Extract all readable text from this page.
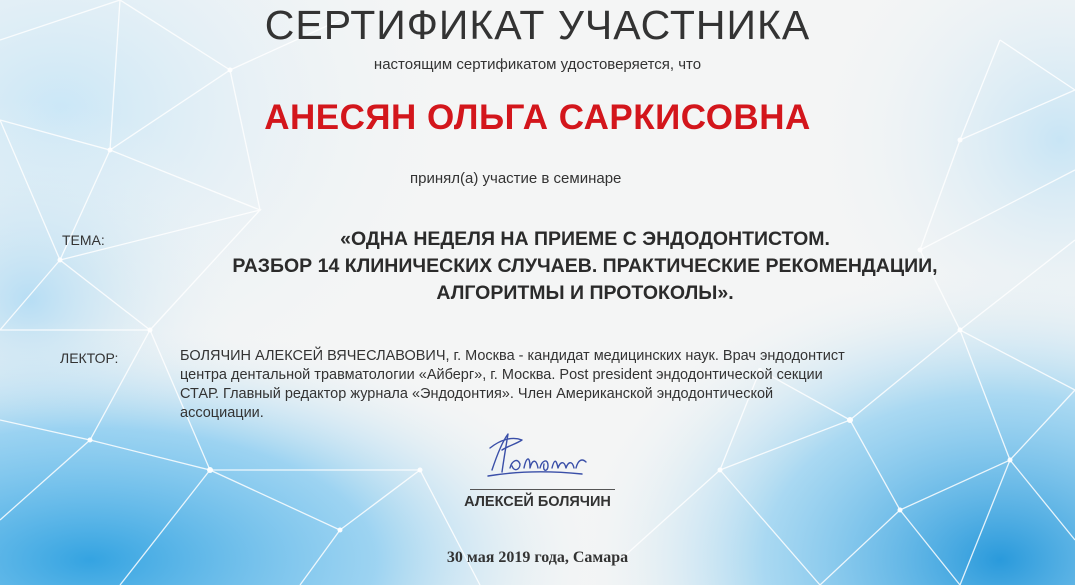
СЕРТИФИКАТ УЧАСТНИКА
настоящим сертификатом удостоверяется, что
АНЕСЯН ОЛЬГА САРКИСОВНА
принял(а) участие в семинаре
ТЕМА:	«ОДНА НЕДЕЛЯ НА ПРИЕМЕ С ЭНДОДОНТИСТОМ.
РАЗБОР 14 КЛИНИЧЕСКИХ СЛУЧАЕВ. ПРАКТИЧЕСКИЕ РЕКОМЕНДАЦИИ,
АЛГОРИТМЫ И ПРОТОКОЛЫ».
ЛЕКТОР:	БОЛЯЧИН АЛЕКСЕЙ ВЯЧЕСЛАВОВИЧ, г. Москва - кандидат медицинских наук. Врач эндодонтист
центра дентальной травматологии «Айберг», г. Москва. Post president эндодонтической секции
СТАР. Главный редактор журнала «Эндодонтия». Член Американской эндодонтической
ассоциации.
АЛЕКСЕЙ БОЛЯЧИН
30 мая 2019 года, Самара
